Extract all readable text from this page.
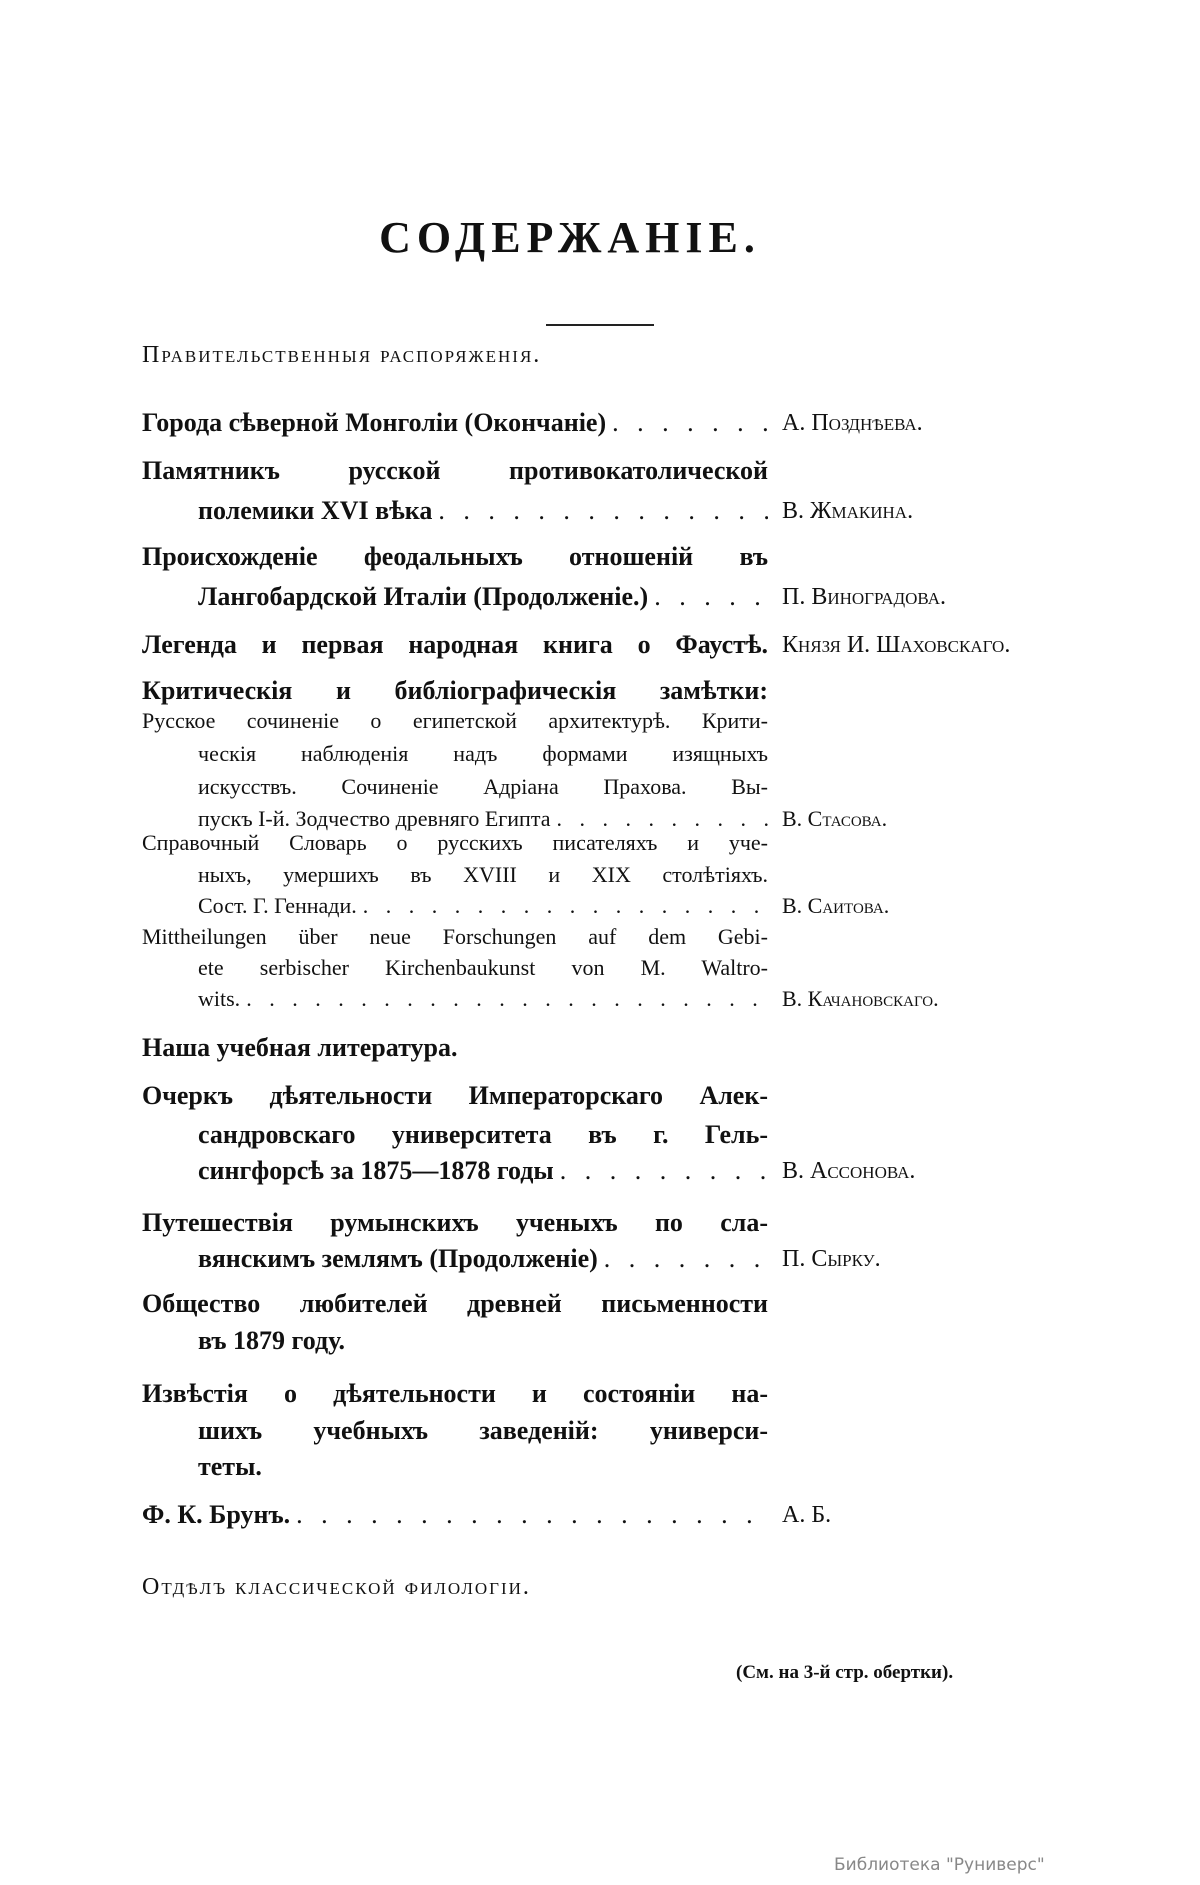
СОДЕРЖАНІЕ.
Правительственныя распоряженія.
Города сѣверной Монголіи (Окончаніе) . . .	А. Позднѣева.
Памятникъ русской противокатолической
полемики XVI вѣка . . .	В. Жмакина.
Происхожденіе феодальныхъ отношеній въ
Лангобардской Италіи (Продолженіе.) . . .	П. Виноградова.
Легенда и первая народная книга о Фаустѣ. Князя И. Шаховскаго.
Критическія и библіографическія замѣтки:
Русское сочиненіе о египетской архитектурѣ. Крити-
ческія наблюденія надъ формами изящныхъ
искусствъ. Сочиненіе Адріана Прахова. Вы-
пускъ І-й. Зодчество древняго Египта . . .	В. Стасова.
Справочный Словарь о русскихъ писателяхъ и уче-
ныхъ, умершихъ въ XVIII и XIX столѣтіяхъ.
Сост. Г. Геннади. . . .	В. Саитова.
Mittheilungen über neue Forschungen auf dem Gebi-
ete serbischer Kirchenbaukunst von M. Waltro-
wits. . . .	В. Качановскаго.
Наша учебная литература.
Очеркъ дѣятельности Императорскаго Алек-
сандровскаго университета въ г. Гель-
сингфорсѣ за 1875—1878 годы . . .	В. Ассонова.
Путешествія румынскихъ ученыхъ по сла-
вянскимъ землямъ (Продолженіе) . . .	П. Сырку.
Общество любителей древней письменности
въ 1879 году.
Извѣстія о дѣятельности и состояніи на-
шихъ учебныхъ заведеній: универси-
теты.
Ф. К. Брунъ. . . .	А. Б.
Отдѣлъ классической филологіи.
(См. на 3-й стр. обертки).
Библиотека "Руниверс"
